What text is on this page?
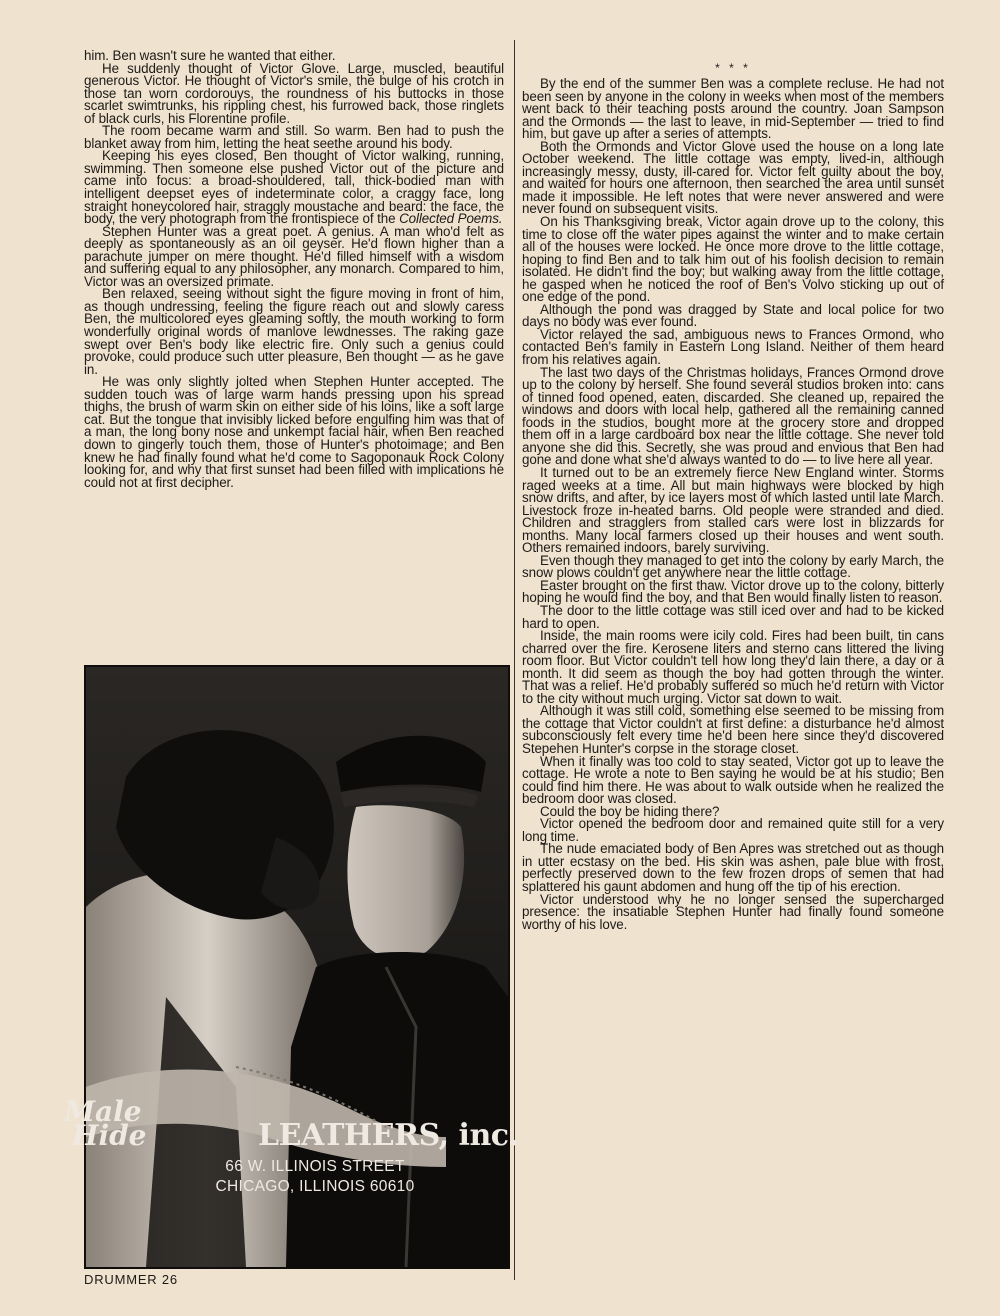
him. Ben wasn't sure he wanted that either.

He suddenly thought of Victor Glove. Large, muscled, beautiful generous Victor. He thought of Victor's smile, the bulge of his crotch in those tan worn cordorouys, the roundness of his buttocks in those scarlet swimtrunks, his rippling chest, his furrowed back, those ringlets of black curls, his Florentine profile.

The room became warm and still. So warm. Ben had to push the blanket away from him, letting the heat seethe around his body.

Keeping his eyes closed, Ben thought of Victor walking, running, swimming. Then someone else pushed Victor out of the picture and came into focus: a broad-shouldered, tall, thick-bodied man with intelligent deepset eyes of indeterminate color, a craggy face, long straight honeycolored hair, straggly moustache and beard: the face, the body, the very photograph from the frontispiece of the Collected Poems.

Stephen Hunter was a great poet. A genius. A man who'd felt as deeply as spontaneously as an oil geyser. He'd flown higher than a parachute jumper on mere thought. He'd filled himself with a wisdom and suffering equal to any philosopher, any monarch. Compared to him, Victor was an oversized primate.

Ben relaxed, seeing without sight the figure moving in front of him, as though undressing, feeling the figure reach out and slowly caress Ben, the multicolored eyes gleaming softly, the mouth working to form wonderfully original words of manlove lewdnesses. The raking gaze swept over Ben's body like electric fire. Only such a genius could provoke, could produce such utter pleasure, Ben thought — as he gave in.

He was only slightly jolted when Stephen Hunter accepted. The sudden touch was of large warm hands pressing upon his spread thighs, the brush of warm skin on either side of his loins, like a soft large cat. But the tongue that invisibly licked before engulfing him was that of a man, the long bony nose and unkempt facial hair, when Ben reached down to gingerly touch them, those of Hunter's photoimage; and Ben knew he had finally found what he'd come to Sagoponauk Rock Colony looking for, and why that first sunset had been filled with implications he could not at first decipher.

* * *

By the end of the summer Ben was a complete recluse. He had not been seen by anyone in the colony in weeks when most of the members went back to their teaching posts around the country. Joan Sampson and the Ormonds — the last to leave, in mid-September — tried to find him, but gave up after a series of attempts.

Both the Ormonds and Victor Glove used the house on a long late October weekend. The little cottage was empty, lived-in, although increasingly messy, dusty, ill-cared for. Victor felt guilty about the boy, and waited for hours one afternoon, then searched the area until sunset made it impossible. He left notes that were never answered and were never found on subsequent visits.

On his Thanksgiving break, Victor again drove up to the colony, this time to close off the water pipes against the winter and to make certain all of the houses were locked. He once more drove to the little cottage, hoping to find Ben and to talk him out of his foolish decision to remain isolated. He didn't find the boy; but walking away from the little cottage, he gasped when he noticed the roof of Ben's Volvo sticking up out of one edge of the pond.

Although the pond was dragged by State and local police for two days no body was ever found.

Victor relayed the sad, ambiguous news to Frances Ormond, who contacted Ben's family in Eastern Long Island. Neither of them heard from his relatives again.

The last two days of the Christmas holidays, Frances Ormond drove up to the colony by herself. She found several studios broken into: cans of tinned food opened, eaten, discarded. She cleaned up, repaired the windows and doors with local help, gathered all the remaining canned foods in the studios, bought more at the grocery store and dropped them off in a large cardboard box near the little cottage. She never told anyone she did this. Secretly, she was proud and envious that Ben had gone and done what she'd always wanted to do — to live here all year.

It turned out to be an extremely fierce New England winter. Storms raged weeks at a time. All but main highways were blocked by high snow drifts, and after, by ice layers most of which lasted until late March. Livestock froze in-heated barns. Old people were stranded and died. Children and stragglers from stalled cars were lost in blizzards for months. Many local farmers closed up their houses and went south. Others remained indoors, barely surviving.

Even though they managed to get into the colony by early March, the snow plows couldn't get anywhere near the little cottage.

Easter brought on the first thaw. Victor drove up to the colony, bitterly hoping he would find the boy, and that Ben would finally listen to reason.

The door to the little cottage was still iced over and had to be kicked hard to open.

Inside, the main rooms were icily cold. Fires had been built, tin cans charred over the fire. Kerosene liters and sterno cans littered the living room floor. But Victor couldn't tell how long they'd lain there, a day or a month. It did seem as though the boy had gotten through the winter. That was a relief. He'd probably suffered so much he'd return with Victor to the city without much urging. Victor sat down to wait.

Although it was still cold, something else seemed to be missing from the cottage that Victor couldn't at first define: a disturbance he'd almost subconsciously felt every time he'd been here since they'd discovered Stepehen Hunter's corpse in the storage closet.

When it finally was too cold to stay seated, Victor got up to leave the cottage. He wrote a note to Ben saying he would be at his studio; Ben could find him there. He was about to walk outside when he realized the bedroom door was closed.

Could the boy be hiding there?

Victor opened the bedroom door and remained quite still for a very long time.

The nude emaciated body of Ben Apres was stretched out as though in utter ecstasy on the bed. His skin was ashen, pale blue with frost, perfectly preserved down to the few frozen drops of semen that had splattered his gaunt abdomen and hung off the tip of his erection.

Victor understood why he no longer sensed the supercharged presence: the insatiable Stephen Hunter had finally found someone worthy of his love.

Male
Hide	LEATHERS, inc.
66 W. ILLINOIS STREET
CHICAGO, ILLINOIS 60610
DRUMMER 26
